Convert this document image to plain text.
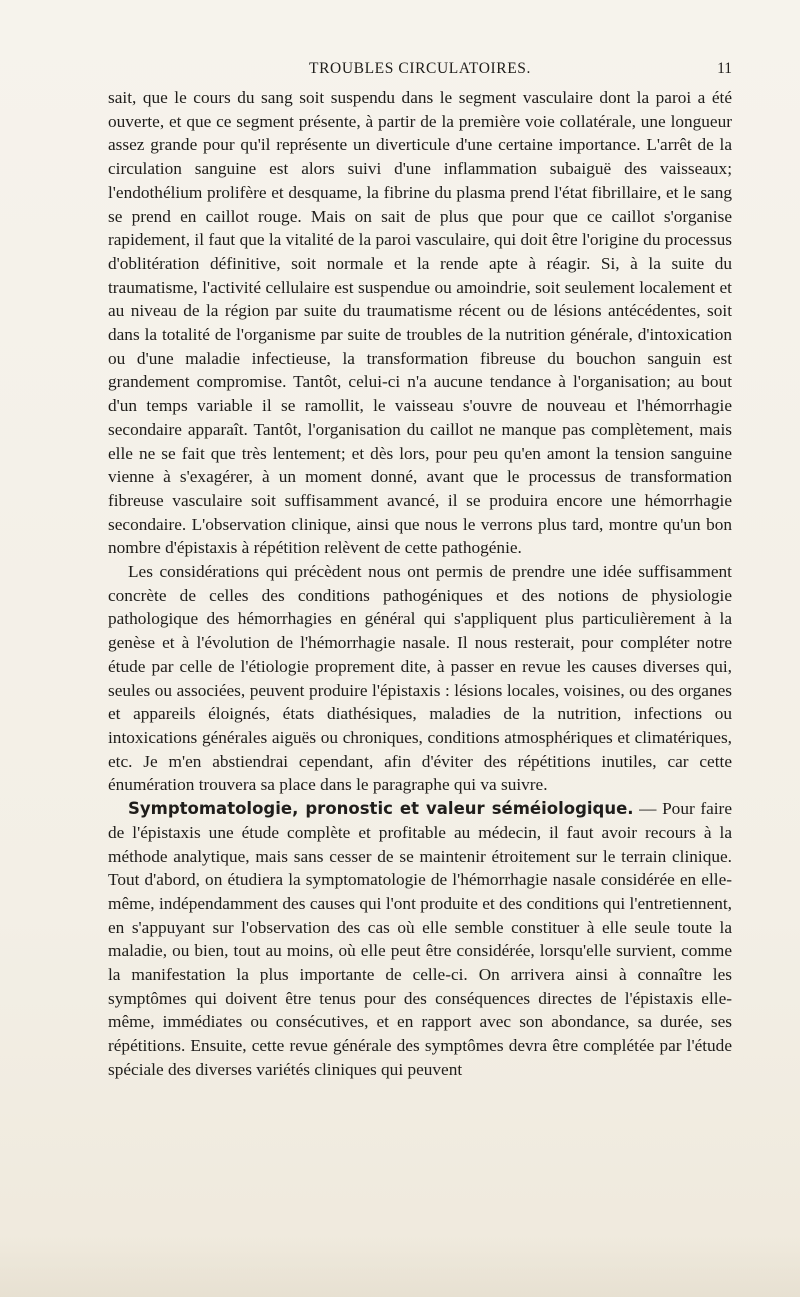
TROUBLES CIRCULATOIRES.	11

sait, que le cours du sang soit suspendu dans le segment vasculaire dont la paroi a été ouverte, et que ce segment présente, à partir de la première voie collatérale, une longueur assez grande pour qu'il représente un diverticule d'une certaine importance. L'arrêt de la circulation sanguine est alors suivi d'une inflammation subaiguë des vaisseaux; l'endothélium prolifère et desquame, la fibrine du plasma prend l'état fibrillaire, et le sang se prend en caillot rouge. Mais on sait de plus que pour que ce caillot s'organise rapidement, il faut que la vitalité de la paroi vasculaire, qui doit être l'origine du processus d'oblitération définitive, soit normale et la rende apte à réagir. Si, à la suite du traumatisme, l'activité cellulaire est suspendue ou amoindrie, soit seulement localement et au niveau de la région par suite du traumatisme récent ou de lésions antécédentes, soit dans la totalité de l'organisme par suite de troubles de la nutrition générale, d'intoxication ou d'une maladie infectieuse, la transformation fibreuse du bouchon sanguin est grandement compromise. Tantôt, celui-ci n'a aucune tendance à l'organisation; au bout d'un temps variable il se ramollit, le vaisseau s'ouvre de nouveau et l'hémorrhagie secondaire apparaît. Tantôt, l'organisation du caillot ne manque pas complètement, mais elle ne se fait que très lentement; et dès lors, pour peu qu'en amont la tension sanguine vienne à s'exagérer, à un moment donné, avant que le processus de transformation fibreuse vasculaire soit suffisamment avancé, il se produira encore une hémorrhagie secondaire. L'observation clinique, ainsi que nous le verrons plus tard, montre qu'un bon nombre d'épistaxis à répétition relèvent de cette pathogénie.

Les considérations qui précèdent nous ont permis de prendre une idée suffisamment concrète de celles des conditions pathogéniques et des notions de physiologie pathologique des hémorrhagies en général qui s'appliquent plus particulièrement à la genèse et à l'évolution de l'hémorrhagie nasale. Il nous resterait, pour compléter notre étude par celle de l'étiologie proprement dite, à passer en revue les causes diverses qui, seules ou associées, peuvent produire l'épistaxis : lésions locales, voisines, ou des organes et appareils éloignés, états diathésiques, maladies de la nutrition, infections ou intoxications générales aiguës ou chroniques, conditions atmosphériques et climatériques, etc. Je m'en abstiendrai cependant, afin d'éviter des répétitions inutiles, car cette énumération trouvera sa place dans le paragraphe qui va suivre.

Symptomatologie, pronostic et valeur séméiologique. — Pour faire de l'épistaxis une étude complète et profitable au médecin, il faut avoir recours à la méthode analytique, mais sans cesser de se maintenir étroitement sur le terrain clinique. Tout d'abord, on étudiera la symptomatologie de l'hémorrhagie nasale considérée en elle-même, indépendamment des causes qui l'ont produite et des conditions qui l'entretiennent, en s'appuyant sur l'observation des cas où elle semble constituer à elle seule toute la maladie, ou bien, tout au moins, où elle peut être considérée, lorsqu'elle survient, comme la manifestation la plus importante de celle-ci. On arrivera ainsi à connaître les symptômes qui doivent être tenus pour des conséquences directes de l'épistaxis elle-même, immédiates ou consécutives, et en rapport avec son abondance, sa durée, ses répétitions. Ensuite, cette revue générale des symptômes devra être complétée par l'étude spéciale des diverses variétés cliniques qui peuvent
